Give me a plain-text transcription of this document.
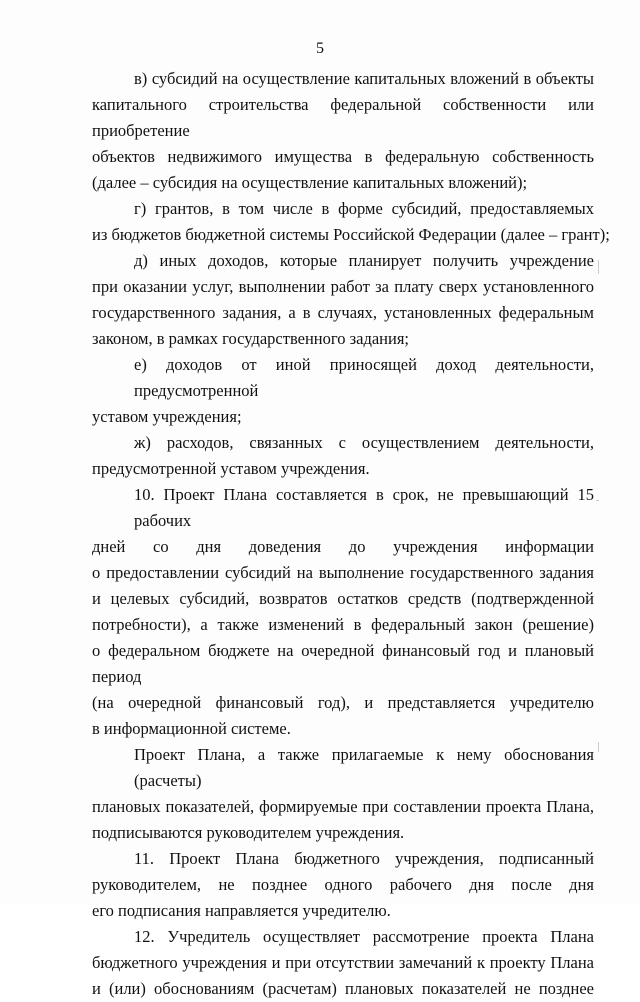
5

в) субсидий на осуществление капитальных вложений в объекты
капитального строительства федеральной собственности или приобретение
объектов недвижимого имущества в федеральную собственность
(далее – субсидия на осуществление капитальных вложений);

г) грантов, в том числе в форме субсидий, предоставляемых
из бюджетов бюджетной системы Российской Федерации (далее – грант);

д) иных доходов, которые планирует получить учреждение
при оказании услуг, выполнении работ за плату сверх установленного
государственного задания, а в случаях, установленных федеральным
законом, в рамках государственного задания;

е) доходов от иной приносящей доход деятельности, предусмотренной
уставом учреждения;

ж) расходов, связанных с осуществлением деятельности,
предусмотренной уставом учреждения.

10. Проект Плана составляется в срок, не превышающий 15 рабочих
дней со дня доведения до учреждения информации
о предоставлении субсидий на выполнение государственного задания
и целевых субсидий, возвратов остатков средств (подтвержденной
потребности), а также изменений в федеральный закон (решение)
о федеральном бюджете на очередной финансовый год и плановый период
(на очередной финансовый год), и представляется учредителю
в информационной системе.

Проект Плана, а также прилагаемые к нему обоснования (расчеты)
плановых показателей, формируемые при составлении проекта Плана,
подписываются руководителем учреждения.

11. Проект Плана бюджетного учреждения, подписанный
руководителем, не позднее одного рабочего дня после дня
его подписания направляется учредителю.

12. Учредитель осуществляет рассмотрение проекта Плана
бюджетного учреждения и при отсутствии замечаний к проекту Плана
и (или) обоснованиям (расчетам) плановых показателей не позднее
